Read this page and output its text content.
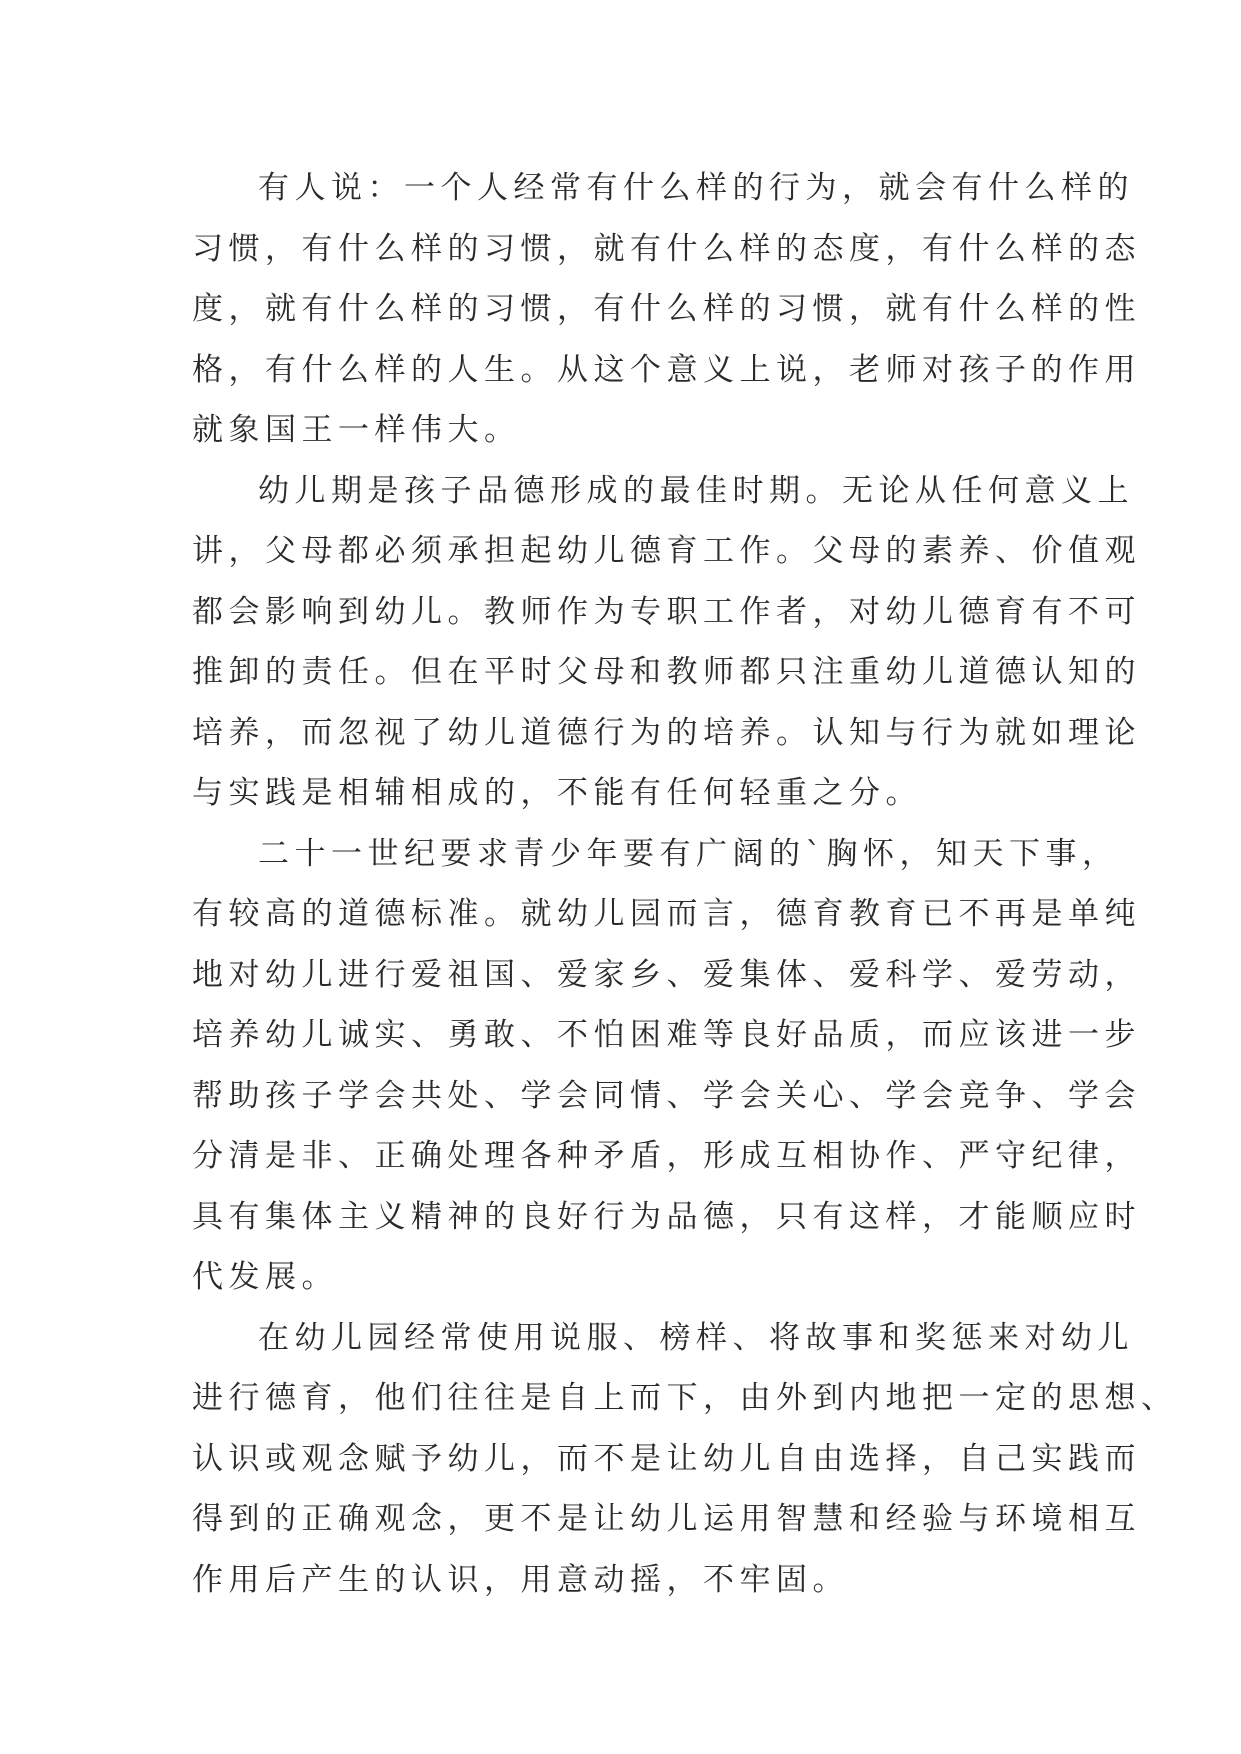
有人说：一个人经常有什么样的行为，就会有什么样的
习惯，有什么样的习惯，就有什么样的态度，有什么样的态
度，就有什么样的习惯，有什么样的习惯，就有什么样的性
格，有什么样的人生。从这个意义上说，老师对孩子的作用
就象国王一样伟大。
幼儿期是孩子品德形成的最佳时期。无论从任何意义上
讲，父母都必须承担起幼儿德育工作。父母的素养、价值观
都会影响到幼儿。教师作为专职工作者，对幼儿德育有不可
推卸的责任。但在平时父母和教师都只注重幼儿道德认知的
培养，而忽视了幼儿道德行为的培养。认知与行为就如理论
与实践是相辅相成的，不能有任何轻重之分。
二十一世纪要求青少年要有广阔的`胸怀，知天下事，
有较高的道德标准。就幼儿园而言，德育教育已不再是单纯
地对幼儿进行爱祖国、爱家乡、爱集体、爱科学、爱劳动，
培养幼儿诚实、勇敢、不怕困难等良好品质，而应该进一步
帮助孩子学会共处、学会同情、学会关心、学会竞争、学会
分清是非、正确处理各种矛盾，形成互相协作、严守纪律，
具有集体主义精神的良好行为品德，只有这样，才能顺应时
代发展。
在幼儿园经常使用说服、榜样、将故事和奖惩来对幼儿
进行德育，他们往往是自上而下，由外到内地把一定的思想、
认识或观念赋予幼儿，而不是让幼儿自由选择，自己实践而
得到的正确观念，更不是让幼儿运用智慧和经验与环境相互
作用后产生的认识，用意动摇，不牢固。
